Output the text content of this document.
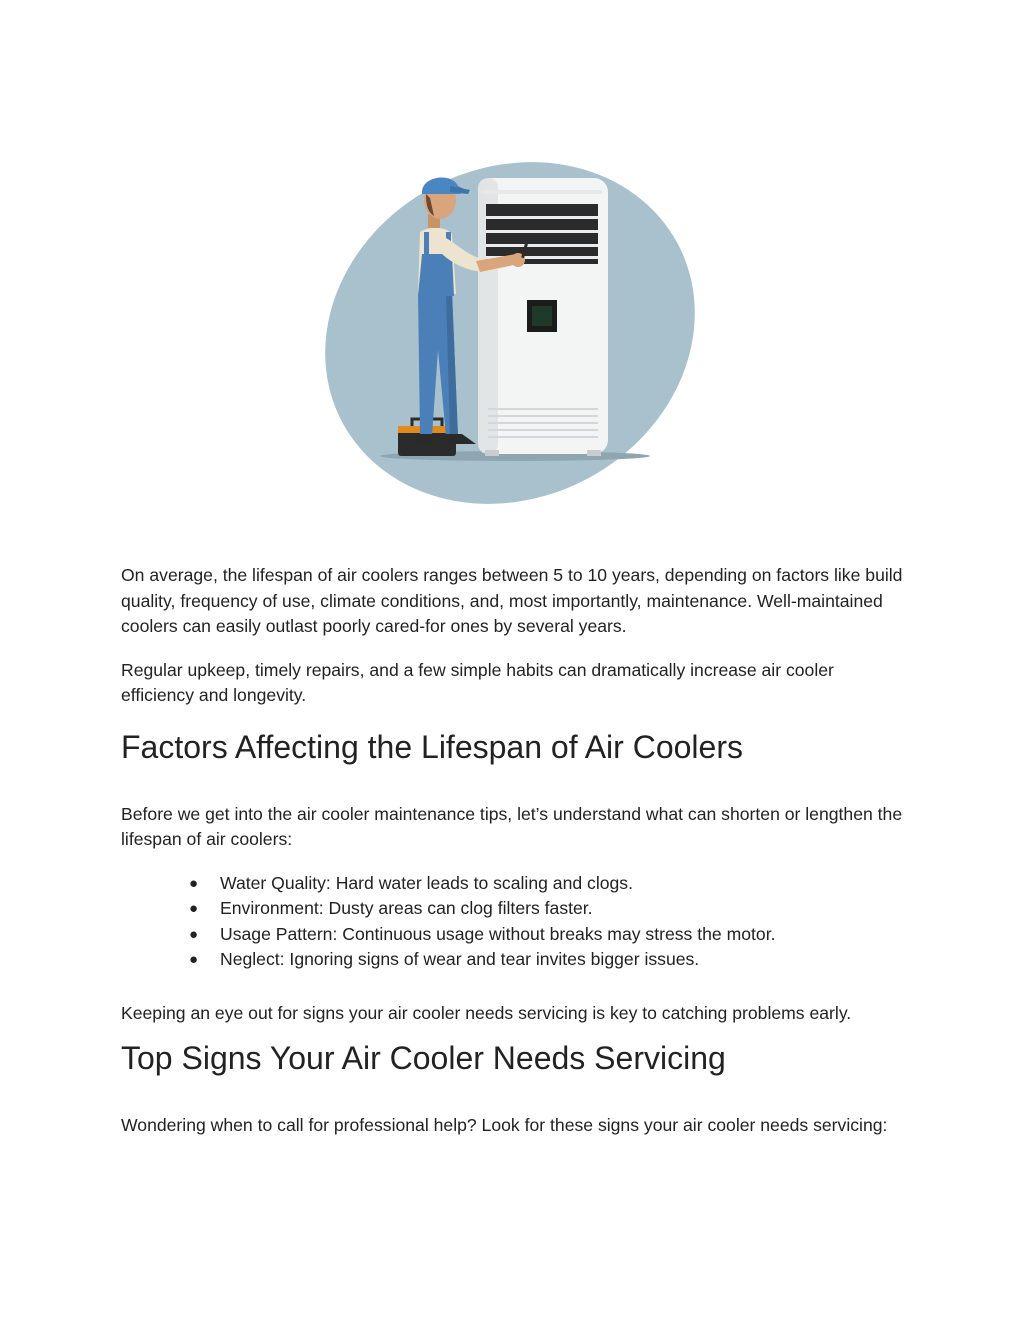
On average, the lifespan of air coolers ranges between 5 to 10 years, depending on factors like build quality, frequency of use, climate conditions, and, most importantly, maintenance. Well-maintained coolers can easily outlast poorly cared-for ones by several years.

Regular upkeep, timely repairs, and a few simple habits can dramatically increase air cooler efficiency and longevity.

Factors Affecting the Lifespan of Air Coolers

Before we get into the air cooler maintenance tips, let’s understand what can shorten or lengthen the lifespan of air coolers:

● Water Quality: Hard water leads to scaling and clogs.
● Environment: Dusty areas can clog filters faster.
● Usage Pattern: Continuous usage without breaks may stress the motor.
● Neglect: Ignoring signs of wear and tear invites bigger issues.

Keeping an eye out for signs your air cooler needs servicing is key to catching problems early.

Top Signs Your Air Cooler Needs Servicing

Wondering when to call for professional help? Look for these signs your air cooler needs servicing:
